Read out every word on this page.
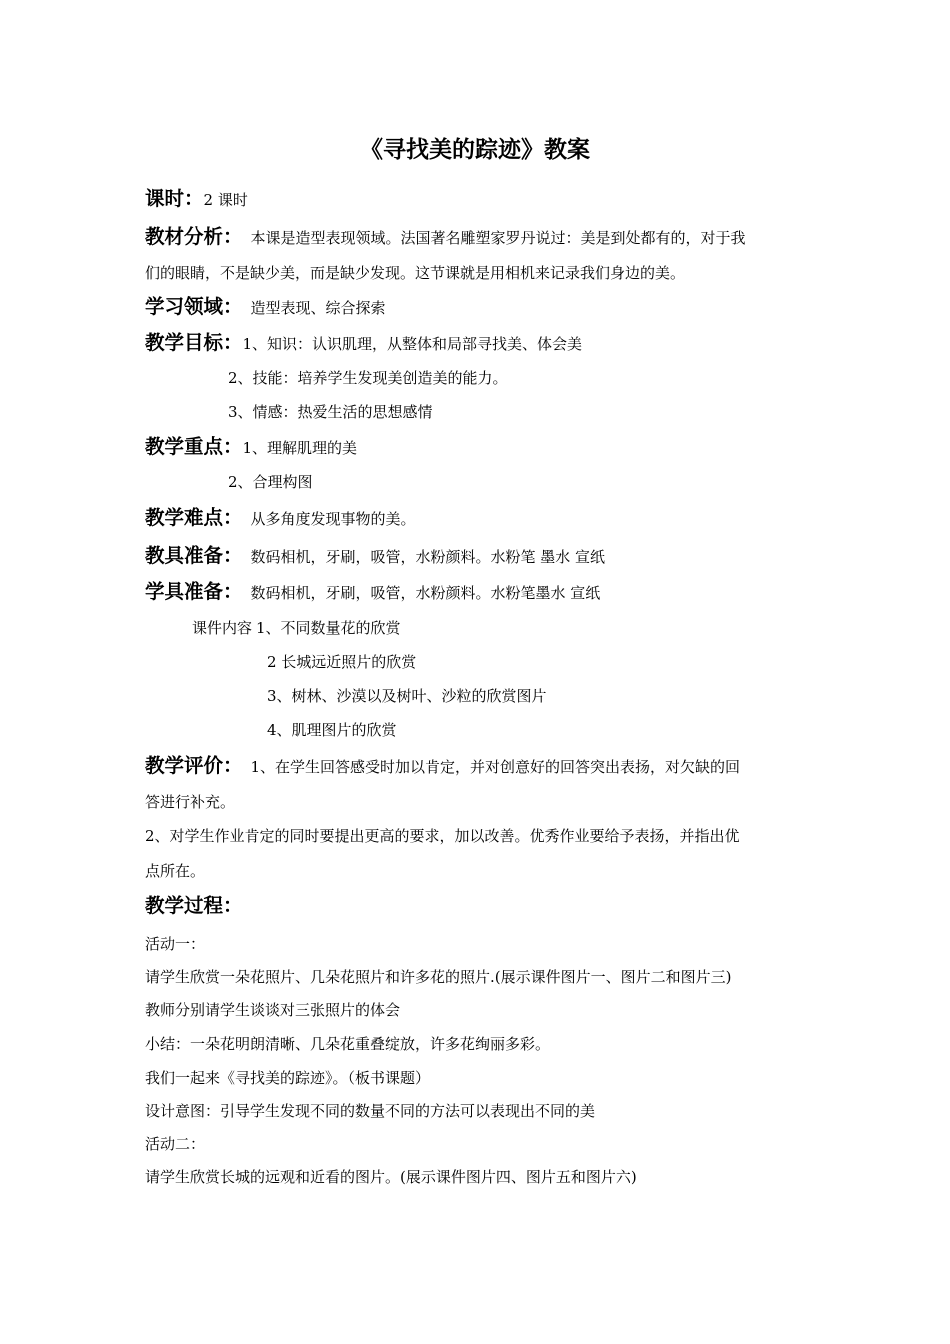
《寻找美的踪迹》教案
课时：2 课时
教材分析： 本课是造型表现领域。法国著名雕塑家罗丹说过：美是到处都有的，对于我
们的眼睛，不是缺少美，而是缺少发现。这节课就是用相机来记录我们身边的美。
学习领域： 造型表现、综合探索
教学目标：1、知识：认识肌理，从整体和局部寻找美、体会美
2、技能：培养学生发现美创造美的能力。
3、情感：热爱生活的思想感情
教学重点：1、理解肌理的美
2、合理构图
教学难点： 从多角度发现事物的美。
教具准备： 数码相机，牙刷，吸管，水粉颜料。水粉笔 墨水 宣纸
学具准备： 数码相机，牙刷，吸管，水粉颜料。水粉笔墨水 宣纸
课件内容 1、不同数量花的欣赏
2 长城远近照片的欣赏
3、树林、沙漠以及树叶、沙粒的欣赏图片
4、肌理图片的欣赏
教学评价： 1、在学生回答感受时加以肯定，并对创意好的回答突出表扬，对欠缺的回
答进行补充。
2、对学生作业肯定的同时要提出更高的要求，加以改善。优秀作业要给予表扬，并指出优
点所在。
教学过程：
活动一：
请学生欣赏一朵花照片、几朵花照片和许多花的照片.(展示课件图片一、图片二和图片三)
教师分别请学生谈谈对三张照片的体会
小结：一朵花明朗清晰、几朵花重叠绽放，许多花绚丽多彩。
我们一起来《寻找美的踪迹》。（板书课题）
设计意图：引导学生发现不同的数量不同的方法可以表现出不同的美
活动二：
请学生欣赏长城的远观和近看的图片。(展示课件图片四、图片五和图片六)
